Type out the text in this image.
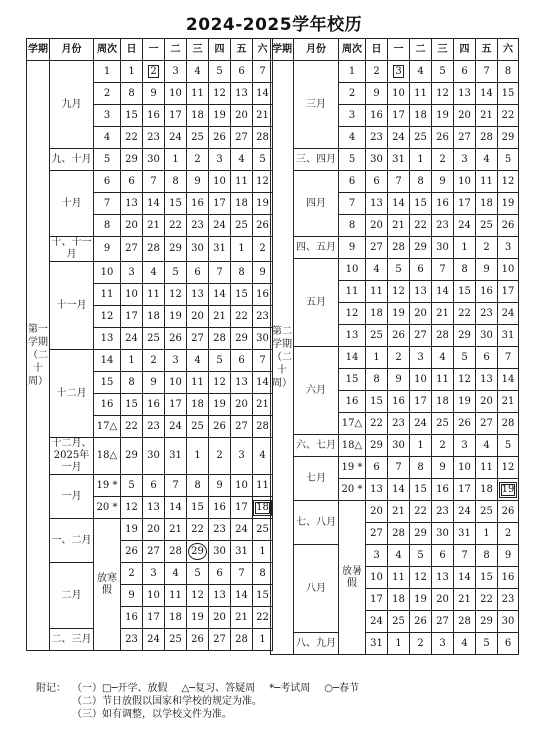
2024-2025学年校历
学期	月份	周次	日	一	二	三	四	五	六
第一学期（二十周）	九月	1	1	2	3	4	5	6	7
		2	8	9	10	11	12	13	14
		3	15	16	17	18	19	20	21
		4	22	23	24	25	26	27	28
	九、十月	5	29	30	1	2	3	4	5
	十月	6	6	7	8	9	10	11	12
		7	13	14	15	16	17	18	19
		8	20	21	22	23	24	25	26
	十、十一月	9	27	28	29	30	31	1	2
	十一月	10	3	4	5	6	7	8	9
		11	10	11	12	13	14	15	16
		12	17	18	19	20	21	22	23
		13	24	25	26	27	28	29	30
	十二月	14	1	2	3	4	5	6	7
		15	8	9	10	11	12	13	14
		16	15	16	17	18	19	20	21
		17△	22	23	24	25	26	27	28
	十二月、2025年一月	18△	29	30	31	1	2	3	4
	一月	19 *	5	6	7	8	9	10	11
		20 *	12	13	14	15	16	17	18
	一、二月	放寒假	19	20	21	22	23	24	25
			26	27	28	29	30	31	1
	二月		2	3	4	5	6	7	8
			9	10	11	12	13	14	15
			16	17	18	19	20	21	22
	二、三月		23	24	25	26	27	28	1
学期	月份	周次	日	一	二	三	四	五	六
第二学期（二十周）	三月	1	2	3	4	5	6	7	8
		2	9	10	11	12	13	14	15
		3	16	17	18	19	20	21	22
		4	23	24	25	26	27	28	29
	三、四月	5	30	31	1	2	3	4	5
	四月	6	6	7	8	9	10	11	12
		7	13	14	15	16	17	18	19
		8	20	21	22	23	24	25	26
	四、五月	9	27	28	29	30	1	2	3
	五月	10	4	5	6	7	8	9	10
		11	11	12	13	14	15	16	17
		12	18	19	20	21	22	23	24
		13	25	26	27	28	29	30	31
	六月	14	1	2	3	4	5	6	7
		15	8	9	10	11	12	13	14
		16	15	16	17	18	19	20	21
		17△	22	23	24	25	26	27	28
	六、七月	18△	29	30	1	2	3	4	5
	七月	19 *	6	7	8	9	10	11	12
		20 *	13	14	15	16	17	18	19
	七、八月	放暑假	20	21	22	23	24	25	26
			27	28	29	30	31	1	2
	八月		3	4	5	6	7	8	9
			10	11	12	13	14	15	16
			17	18	19	20	21	22	23
			24	25	26	27	28	29	30
	八、九月		31	1	2	3	4	5	6
附记： （一）□─开学、放假 △─复习、答疑周 *─考试周 ○─春节
（二）节日放假以国家和学校的规定为准。
（三）如有调整，以学校文件为准。
